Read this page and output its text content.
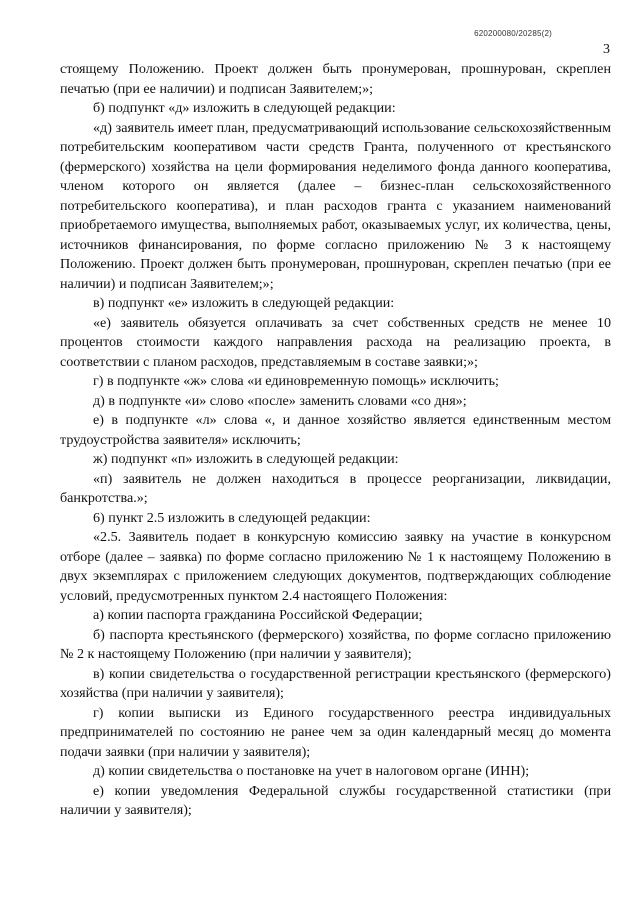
620200080/20285(2)
3

стоящему Положению. Проект должен быть пронумерован, прошнурован, скреплен печатью (при ее наличии) и подписан Заявителем;»;

б) подпункт «д» изложить в следующей редакции:

«д) заявитель имеет план, предусматривающий использование сельскохозяйственным потребительским кооперативом части средств Гранта, полученного от крестьянского (фермерского) хозяйства на цели формирования неделимого фонда данного кооператива, членом которого он является (далее – бизнес-план сельскохозяйственного потребительского кооператива), и план расходов гранта с указанием наименований приобретаемого имущества, выполняемых работ, оказываемых услуг, их количества, цены, источников финансирования, по форме согласно приложению № 3 к настоящему Положению. Проект должен быть пронумерован, прошнурован, скреплен печатью (при ее наличии) и подписан Заявителем;»;

в) подпункт «е» изложить в следующей редакции:

«е) заявитель обязуется оплачивать за счет собственных средств не менее 10 процентов стоимости каждого направления расхода на реализацию проекта, в соответствии с планом расходов, представляемым в составе заявки;»;

г) в подпункте «ж» слова «и единовременную помощь» исключить;

д) в подпункте «и» слово «после» заменить словами «со дня»;

е) в подпункте «л» слова «, и данное хозяйство является единственным местом трудоустройства заявителя» исключить;

ж) подпункт «п» изложить в следующей редакции:

«п) заявитель не должен находиться в процессе реорганизации, ликвидации, банкротства.»;

6) пункт 2.5 изложить в следующей редакции:

«2.5. Заявитель подает в конкурсную комиссию заявку на участие в конкурсном отборе (далее – заявка) по форме согласно приложению № 1 к настоящему Положению в двух экземплярах с приложением следующих документов, подтверждающих соблюдение условий, предусмотренных пунктом 2.4 настоящего Положения:

а) копии паспорта гражданина Российской Федерации;

б) паспорта крестьянского (фермерского) хозяйства, по форме согласно приложению № 2 к настоящему Положению (при наличии у заявителя);

в) копии свидетельства о государственной регистрации крестьянского (фермерского) хозяйства (при наличии у заявителя);

г) копии выписки из Единого государственного реестра индивидуальных предпринимателей по состоянию не ранее чем за один календарный месяц до момента подачи заявки (при наличии у заявителя);

д) копии свидетельства о постановке на учет в налоговом органе (ИНН);

е) копии уведомления Федеральной службы государственной статистики (при наличии у заявителя);
